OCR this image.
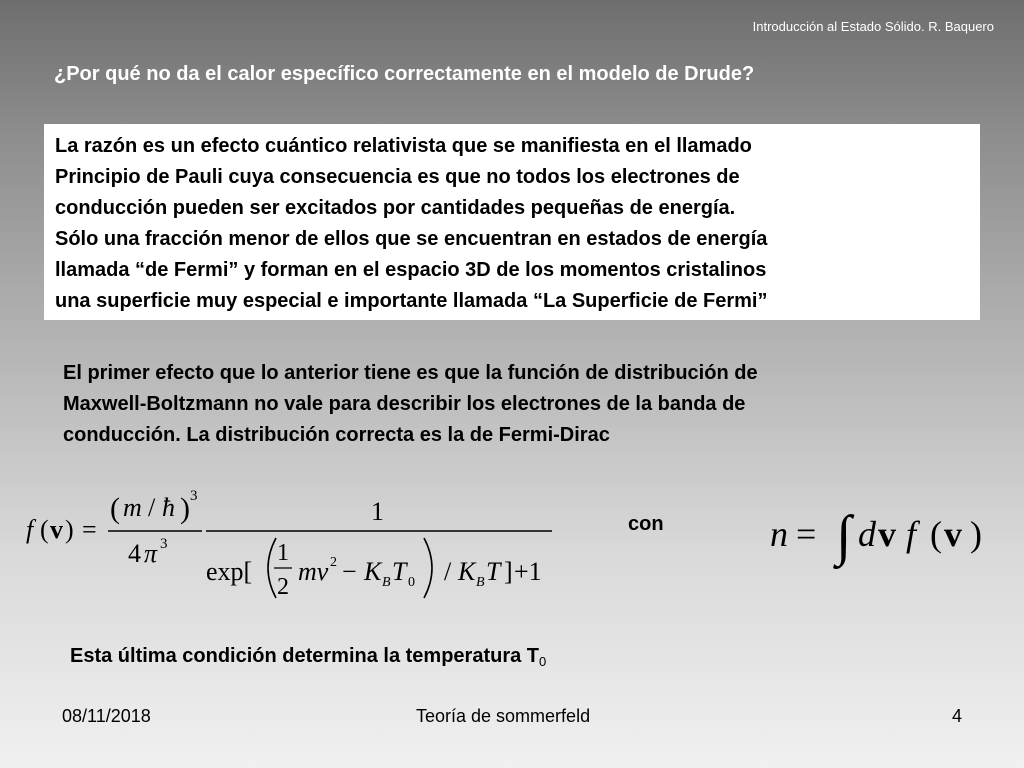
Introducción al Estado Sólido. R. Baquero
¿Por qué no da el calor específico correctamente en el modelo de Drude?

La razón es un efecto cuántico relativista que se manifiesta en el llamado

Principio de Pauli cuya consecuencia es que no todos los electrones de

conducción pueden ser excitados por cantidades pequeñas de energía.

Sólo una fracción menor de ellos que se encuentran en estados de energía

llamada “de Fermi” y forman en el espacio 3D de los momentos cristalinos

una superficie muy especial e importante llamada “La Superficie de Fermi”

El primer efecto que lo anterior tiene es que la función de distribución de

Maxwell-Boltzmann no vale para describir los electrones de la banda de

conducción. La distribución correcta es la de Fermi-Dirac

f ( v ) =
( m / ħ ) 3
4 π 3
1
exp[
1
2
mv 2 − K B T 0 / K B T ] +1
con	n = ∫ d v f ( v )
Esta última condición determina la temperatura $T_0$
08/11/2018	Teoría de sommerfeld	4
